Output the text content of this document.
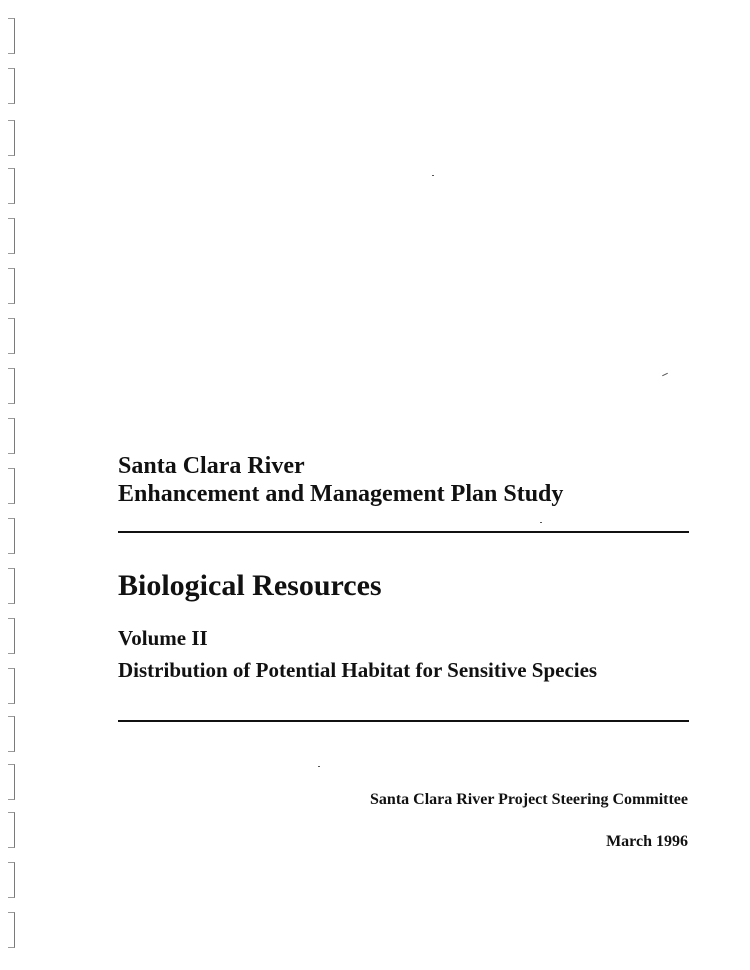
Santa Clara River

Enhancement and Management Plan Study

Biological Resources

Volume II

Distribution of Potential Habitat for Sensitive Species

Santa Clara River Project Steering Committee

March 1996
